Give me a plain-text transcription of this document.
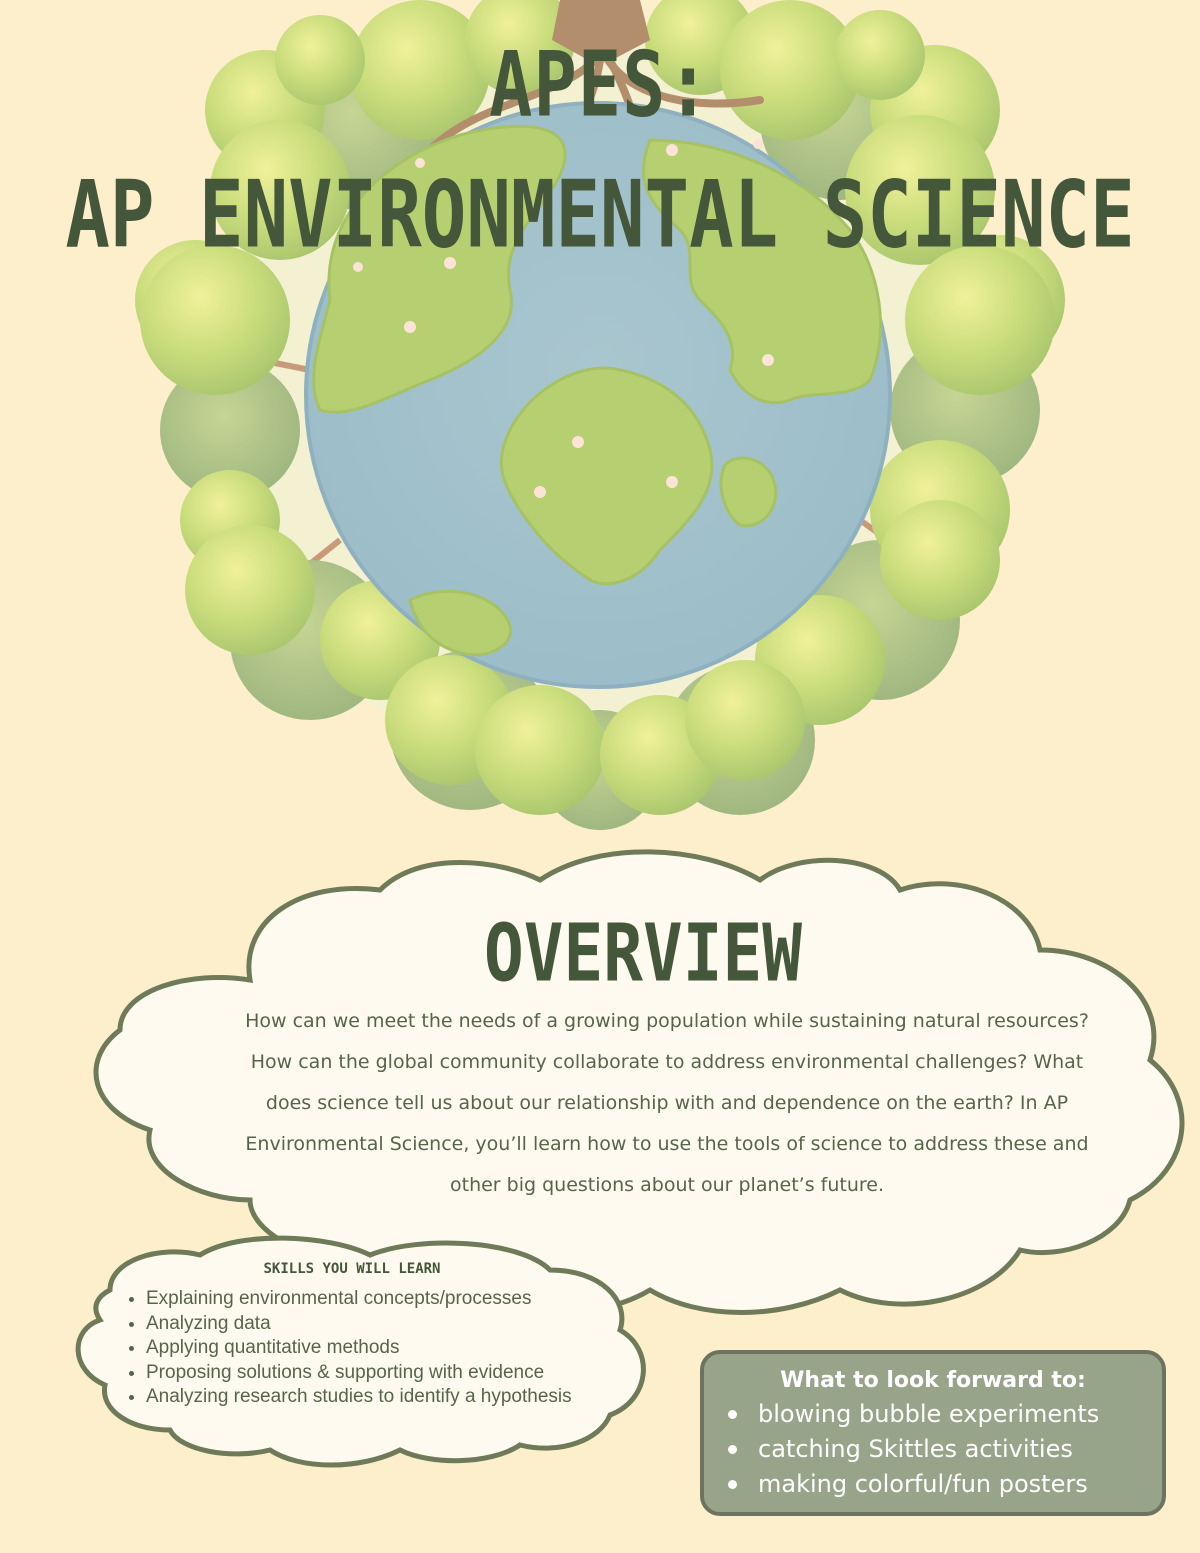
APES:
AP ENVIRONMENTAL SCIENCE
OVERVIEW

How can we meet the needs of a growing population while sustaining natural resources? How can the global community collaborate to address environmental challenges? What does science tell us about our relationship with and dependence on the earth? In AP Environmental Science, you’ll learn how to use the tools of science to address these and other big questions about our planet’s future.

SKILLS YOU WILL LEARN
• Explaining environmental concepts/processes
• Analyzing data
• Applying quantitative methods
• Proposing solutions & supporting with evidence
• Analyzing research studies to identify a hypothesis
What to look forward to:
blowing bubble experiments
catching Skittles activities
making colorful/fun posters
